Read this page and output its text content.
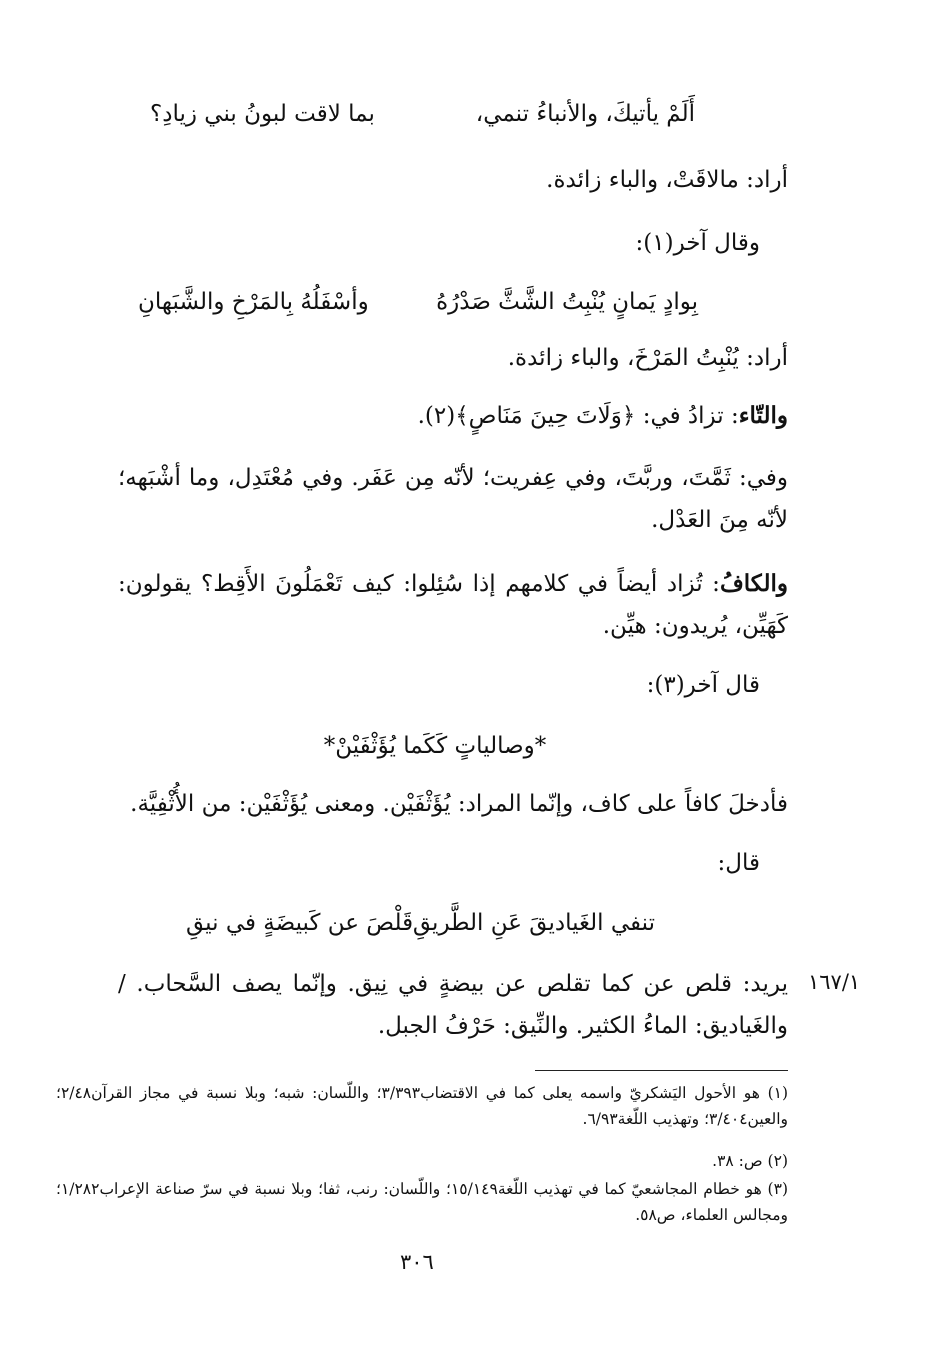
أَلَمْ يأتيكَ، والأنباءُ تنمي،
بما لاقت لبونُ بني زيادِ؟
أراد: مالاقَتْ، والباء زائدة.
وقال آخر(١):
بِوادٍ يَمانٍ يُنْبِتُ الشَّثَّ صَدْرُهُ
وأسْفَلُهُ بِالمَرْخِ والشَّبَهانِ
أراد: يُنْبِتُ المَرْخَ، والباء زائدة.
والتّاء: تزادُ في: ﴿وَلَاتَ حِينَ مَنَاصٍ﴾(٢).
وفي: ثَمَّتَ، وربَّتَ، وفي عِفريت؛ لأنّه مِن عَفَر. وفي مُعْتَدِل، وما أشْبَهه؛ لأنّه مِنَ العَدْل.
والكافُ: تُزاد أيضاً في كلامهم إذا سُئِلوا: كيف تَعْمَلُونَ الأَقِط؟ يقولون: كَهَيِّن، يُريدون: هيِّن.
قال آخر(٣):
*وصالياتٍ كَكَما يُؤَثْفَيْنْ*
فأدخلَ كافاً على كاف، وإنّما المراد: يُؤَثْفَيْن. ومعنى يُؤَثْفَيْن: من الأُثْفِيَّة.
قال:
تنفي الغَياديقَ عَنِ الطَّريقِ
قَلْصَ عن كَبيضَةٍ في نيقِ
١٦٧/١
يريد: قلص عن كما تقلص عن بيضةٍ في نِيق. وإنّما يصف السَّحاب. / والغَياديق: الماءُ الكثير. والنِّيق: حَرْفُ الجبل.
(١) هو الأحول اليَشكريّ واسمه يعلى كما في الاقتضاب٣/٣٩٣؛ واللّسان: شبه؛ وبلا نسبة في مجاز القرآن٢/٤٨؛ والعين٣/٤٠٤؛ وتهذيب اللّغة٦/٩٣.
(٢) ص: ٣٨.
(٣) هو خطام المجاشعيّ كما في تهذيب اللّغة١٥/١٤٩؛ واللّسان: رنب، ثفا؛ وبلا نسبة في سرّ صناعة الإعراب١/٢٨٢؛ ومجالس العلماء، ص٥٨.
٣٠٦
